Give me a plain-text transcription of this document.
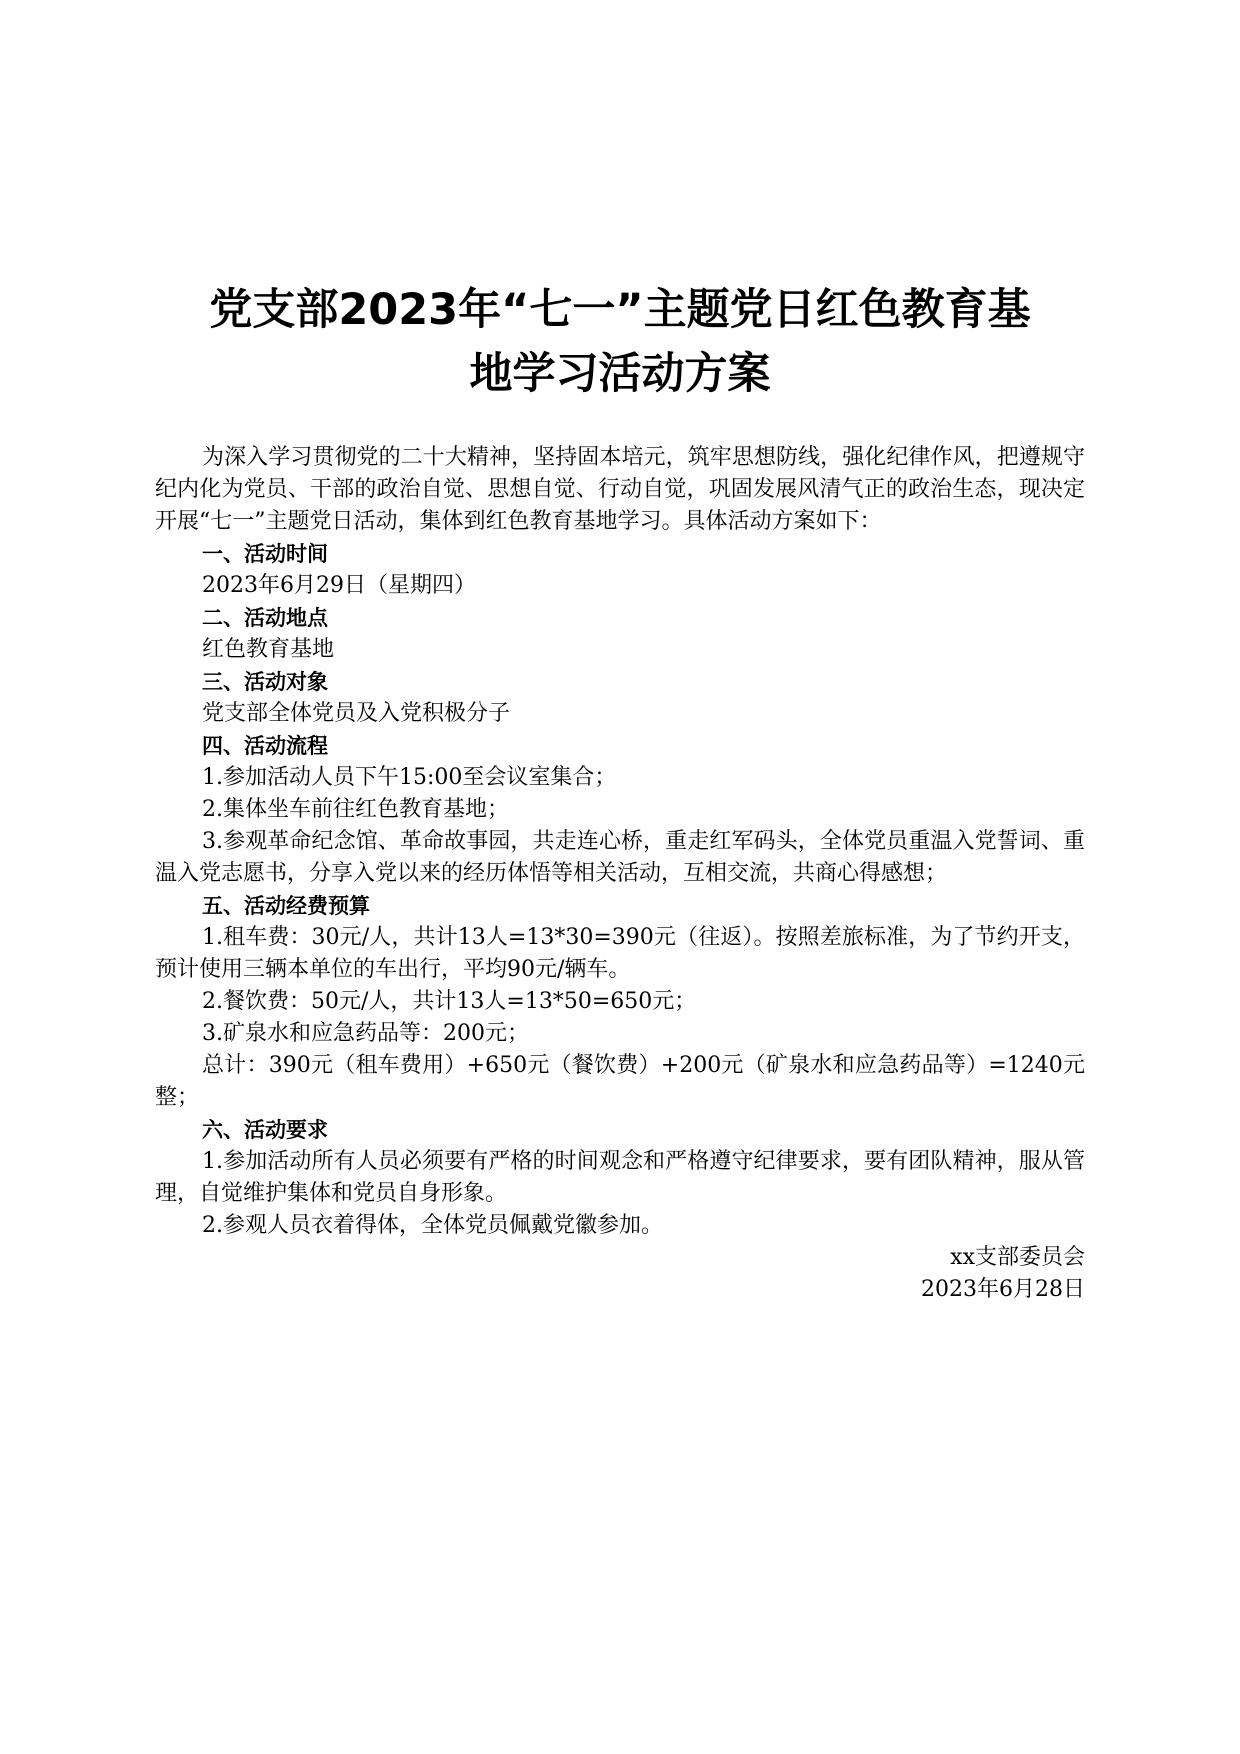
党支部2023年“七一”主题党日红色教育基
地学习活动方案

为深入学习贯彻党的二十大精神，坚持固本培元，筑牢思想防线，强化纪律作风，把遵规守纪内化为党员、干部的政治自觉、思想自觉、行动自觉，巩固发展风清气正的政治生态，现决定开展“七一”主题党日活动，集体到红色教育基地学习。具体活动方案如下：

一、活动时间

2023年6月29日（星期四）

二、活动地点

红色教育基地

三、活动对象

党支部全体党员及入党积极分子

四、活动流程

1.参加活动人员下午15:00至会议室集合；

2.集体坐车前往红色教育基地；

3.参观革命纪念馆、革命故事园，共走连心桥，重走红军码头，全体党员重温入党誓词、重温入党志愿书，分享入党以来的经历体悟等相关活动，互相交流，共商心得感想；

五、活动经费预算

1.租车费：30元/人，共计13人=13*30=390元（往返）。按照差旅标准，为了节约开支，预计使用三辆本单位的车出行，平均90元/辆车。

2.餐饮费：50元/人，共计13人=13*50=650元；

3.矿泉水和应急药品等：200元；

总计：390元（租车费用）+650元（餐饮费）+200元（矿泉水和应急药品等）=1240元整；

六、活动要求

1.参加活动所有人员必须要有严格的时间观念和严格遵守纪律要求，要有团队精神，服从管理，自觉维护集体和党员自身形象。

2.参观人员衣着得体，全体党员佩戴党徽参加。

xx支部委员会

2023年6月28日
